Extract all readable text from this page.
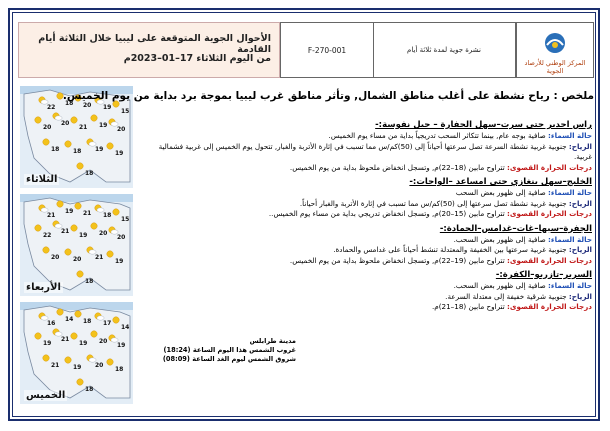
الأحوال الجوية المتوقعة على ليبيا خلال الثلاثة أيام القادمة
من اليوم الثلاثاء 17–01–2023م
F-270-001	نشرة جوية لمدة ثلاثة أيام
المركز الوطني للأرصاد الجوية
22
18 20 19
15
20
20
21 19
20
18 18 19
19
18
الثلاثاء
21
19 21 18
15
22
21
19 20
20
20 20 21
19
18
الأربعاء
16
14 18 17
14
19
21
19 20
19
21 19 20
18
18
الخميس
ملخص : رياح نشطة على أغلب مناطق الشمال, وتأثر مناطق غرب ليبيا بموجة برد بداية من يوم الخميس.
راس اجدير حتى سرت–سهل الجفارة – جبل نفوسة:-
حالة السماء: صافية بوجه عام, بينما تتكاثر السحب تدريجياً بداية من مساء يوم الخميس.
الرياح: جنوبية غربية نشطة السرعة تصل سرعتها أحياناً إلى (50)كم/س مما تسبب في إثارة الأتربة والغبار, تتحول يوم الخميس إلى غربية فشمالية غربية.
درجات الحرارة القصوى: تتراوح مابين (18–22)م, وتسجل انخفاض ملحوظ بداية من يوم الخميس.
الخليج–سهل بنغازي حتى امساعد –الواحات:-
حالة السماء: صافية إلى ظهور بعض السحب
الرياح: جنوبية غربية نشطة تصل سرعتها إلى (50)كم/س مما تسبب في إثارة الأتربة والغبار أحياناً.
درجات الحرارة القصوى: تتراوح مابين (15–20)م, وتسجل انخفاض تدريجي بداية من مساء يوم الخميس..
الجفرة–سبها–غات–غدامس–الحمادة:-
حالة السماء: صافية إلى ظهور بعض السحب.
الرياح: جنوبية غربية سرعتها بين الخفيفة والمعتدلة تنشط أحياناً على غدامس والحمادة.
درجات الحرارة القصوى: تتراوح مابين (19–22)م, وتسجل انخفاض ملحوظ بداية من يوم الخميس.
السرير–تازربو–الكفرة:-
حالة السماء: صافية إلى ظهور بعض السحب.
الرياح: جنوبية شرقية خفيفة إلى معتدلة السرعة.
درجات الحرارة القصوى: تتراوح مابين (18–21)م.
مدينة طرابلس
غروب الشمس هذا اليوم الساعة (18:24)
شروق الشمس ليوم الغد الساعة (08:09)
